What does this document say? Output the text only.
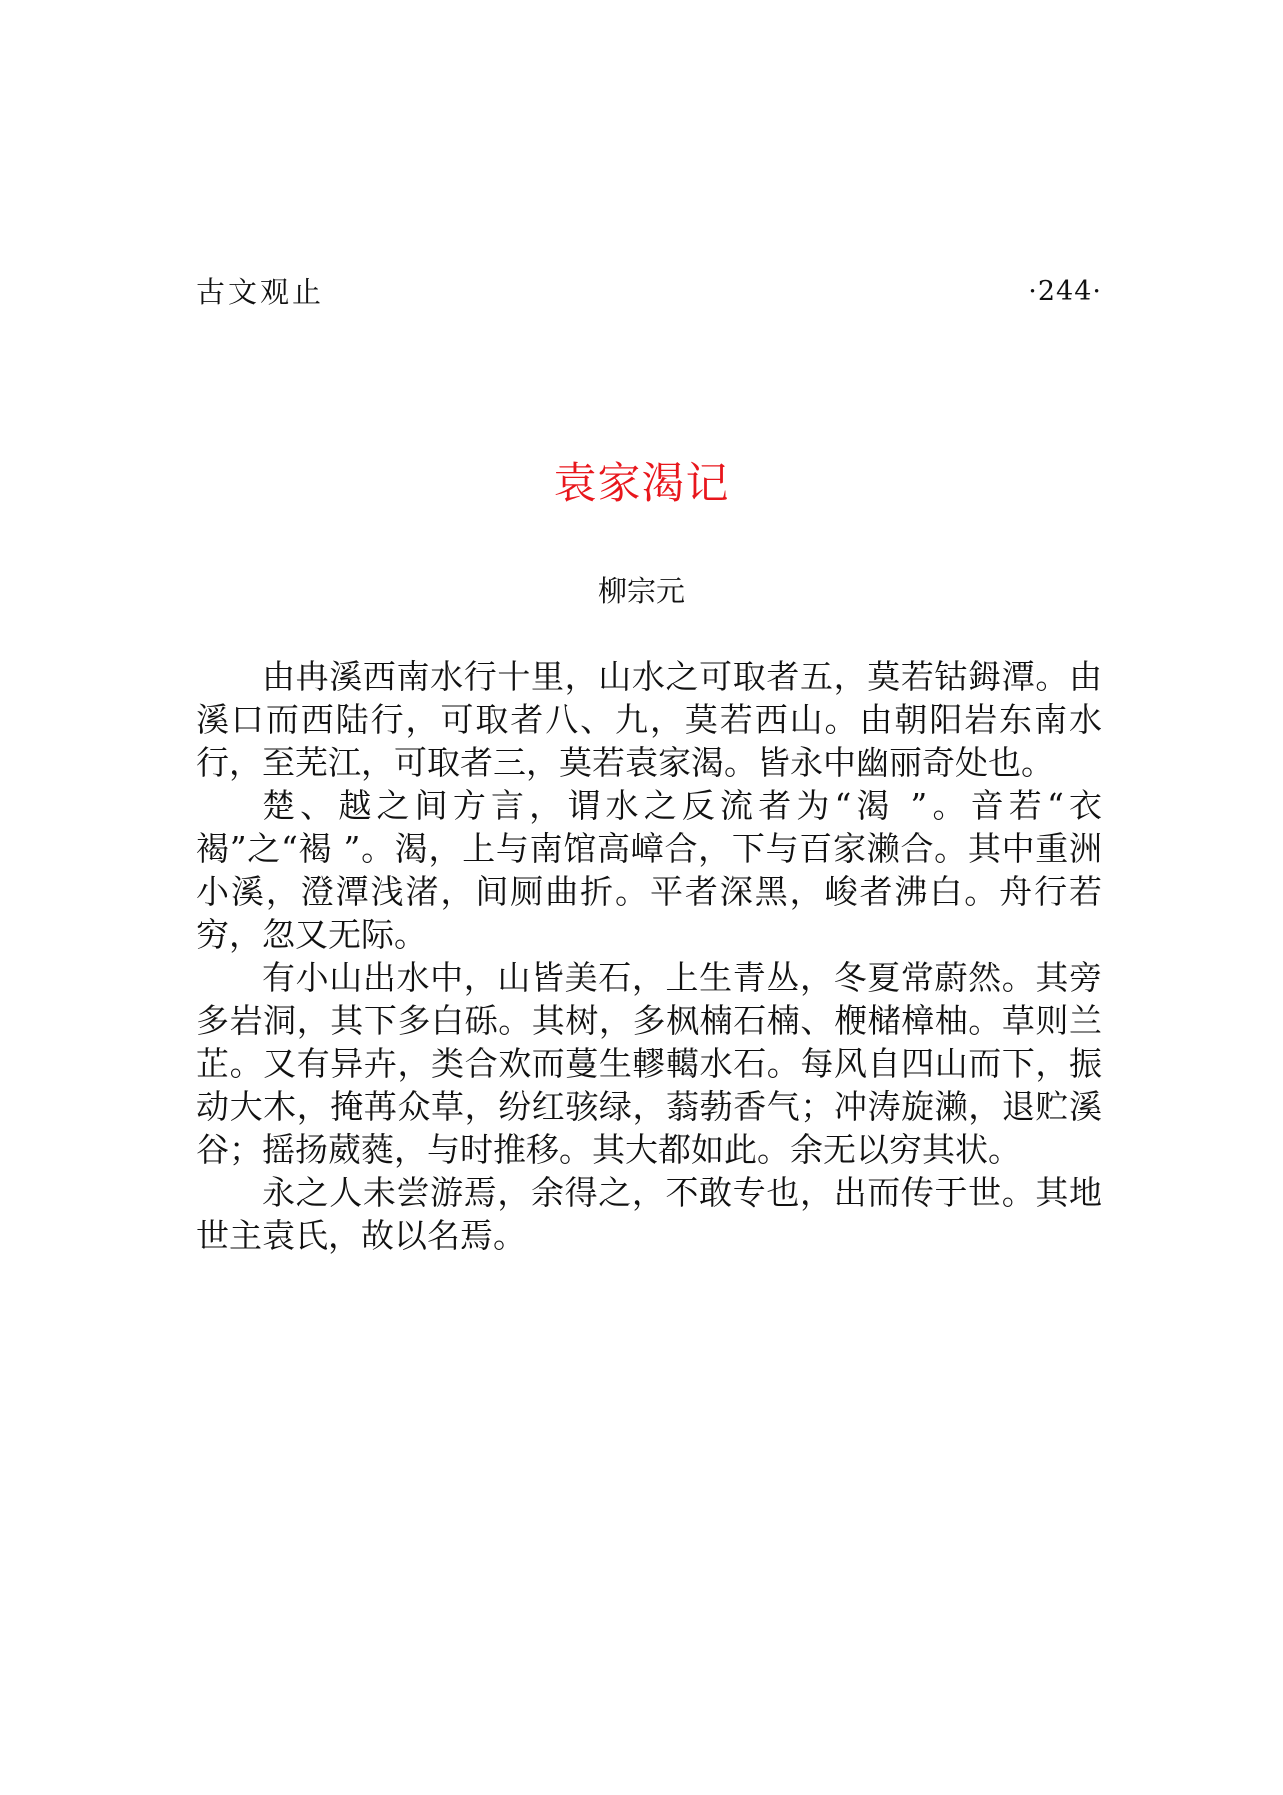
古文观止	·244·
袁家渴记
柳宗元

由冉溪西南水行十里，山水之可取者五，莫若钴鉧潭。由溪口而西陆行，可取者八、九，莫若西山。由朝阳岩东南水行，至芜江，可取者三，莫若袁家渴。皆永中幽丽奇处也。

楚、越之间方言，谓水之反流者为“渴 ”。音若“衣褐”之“褐 ”。渴，上与南馆高嶂合，下与百家濑合。其中重洲小溪，澄潭浅渚，间厕曲折。平者深黑，峻者沸白。舟行若穷，忽又无际。

有小山出水中，山皆美石，上生青丛，冬夏常蔚然。其旁多岩洞，其下多白砾。其树，多枫楠石楠、楩槠樟柚。草则兰芷。又有异卉，类合欢而蔓生轇轕水石。每风自四山而下，振动大木，掩苒众草，纷红骇绿，蓊葧香气；冲涛旋濑，退贮溪谷；摇扬葳蕤，与时推移。其大都如此。余无以穷其状。

永之人未尝游焉，余得之，不敢专也，出而传于世。其地世主袁氏，故以名焉。
